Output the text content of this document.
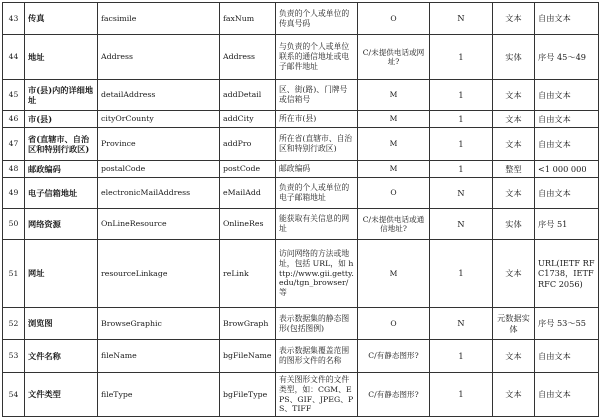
43	传真	facsimile	faxNum	负责的个人或单位的传真号码	O	N	文本	自由文本
44	地址	Address	Address	与负责的个人或单位联系的通信地址或电子邮件地址	C/未提供电话或网址?	1	实体	序号 45～49
45	市(县)内的详细地址	detailAddress	addDetail	区、街(路)、门牌号或信箱号	M	1	文本	自由文本
46	市(县)	cityOrCounty	addCity	所在市(县)	M	1	文本	自由文本
47	省(直辖市、自治区和特别行政区)	Province	addPro	所在省(直辖市、自治区和特别行政区)	M	1	文本	自由文本
48	邮政编码	postalCode	postCode	邮政编码	M	1	整型	<1 000 000
49	电子信箱地址	electronicMailAddress	eMailAdd	负责的个人或单位的电子邮箱地址	O	N	文本	自由文本
50	网络资源	OnLineResource	OnlineRes	能获取有关信息的网址	C/未提供电话或通信地址?	N	实体	序号 51
51	网址	resourceLinkage	reLink	访问网络的方法或地址，包括 URL，如 http://www.gii.getty.edu/tgn_browser/等	M	1	文本	URL(IETF RFC1738，IETF RFC 2056)
52	浏览图	BrowseGraphic	BrowGraph	表示数据集的静态图形(包括图例)	O	N	元数据实体	序号 53～55
53	文件名称	fileName	bgFileName	表示数据集覆盖范围的图形文件的名称	C/有静态图形?	1	文本	自由文本
54	文件类型	fileType	bgFileType	有关图形文件的文件类型，如：CGM、EPS、GIF、JPEG、PS、TIFF	C/有静态图形?	1	文本	自由文本
